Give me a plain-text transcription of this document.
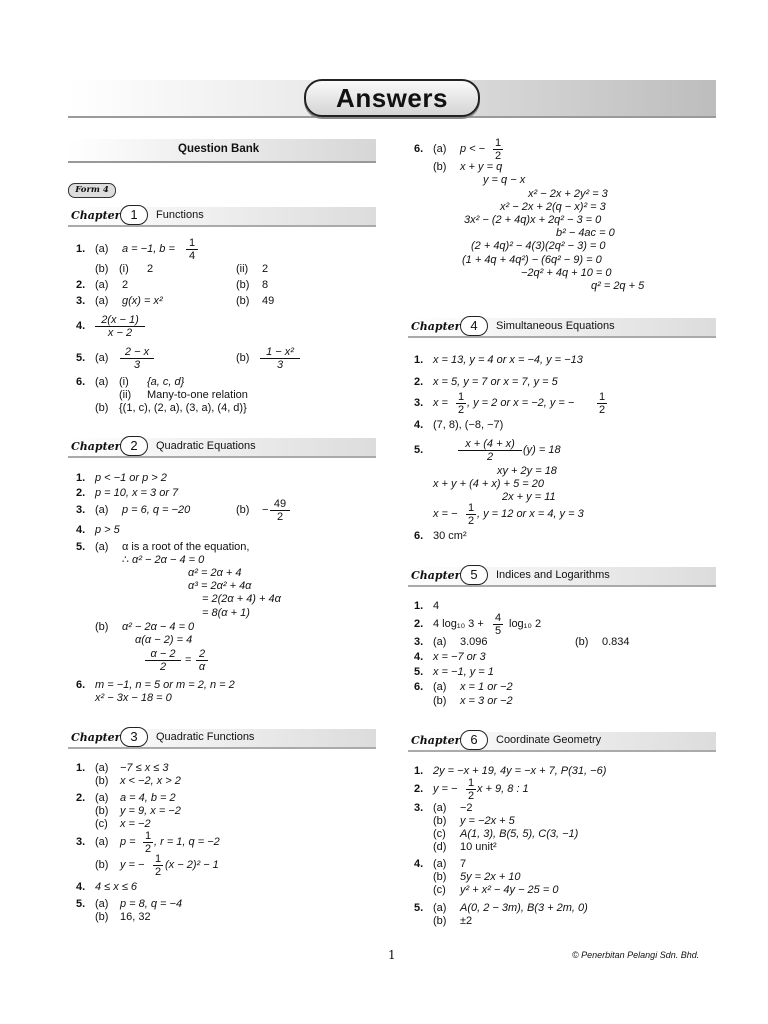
Answers
Question Bank
Form 4
Chapter 1	Functions
1. (a) a = −1, $b = \frac{1}{4}$
(b) (i) 2	(ii) 2
2. (a) 2	(b) 8
3. (a) g(x) = x²	(b) 49
4. $\frac{2(x - 1)}{x - 2}$
5. $(a) \frac{2 - x}{3}$	$(b) \frac{\text{1 − x²}}{3}$
6. (a) (i) {a, c, d}
(ii) Many-to-one relation
(b) {(1, c), (2, a), (3, a), (4, d)}
Chapter 2	Quadratic Equations
1. p < −1 or p > 2
2. p = 10, x = 3 or 7
3. (a) p = 6, q = −20	$(b) - \frac{49}{2}$
4. p > 5
5. (a) α is a root of the equation,
∴ α² − 2α − 4 = 0
α² = 2α + 4
α³ = 2α² + 4α
= 2(2α + 4) + 4α
= 8(α + 1)
(b) α² − 2α − 4 = 0
α(α − 2) = 4
$\frac{\alpha - 2}{2} = \frac{2}{\alpha}$
6. m = −1, n = 5 or m = 2, n = 2
x² − 3x − 18 = 0
Chapter 3	Quadratic Functions
1. (a) −7 ≤ x ≤ 3
(b) x < −2, x > 2
2. (a) a = 4, b = 2
(b) y = 9, x = −2
(c) x = −2
3. (a) $p = \frac{1}{2}$ , r = 1, q = −2
(b) y = − $\frac{1}{2} (x - 2)^2 - 1$
4. 4 ≤ x ≤ 6
5. (a) p = 8, q = −4
(b) 16, 32
6. (a) p < − $\frac{1}{2}$
(b) x + y = q
y = q − x
x² − 2x + 2y² = 3
x² − 2x + 2(q − x)² = 3
3x² − (2 + 4q)x + 2q² − 3 = 0
b² − 4ac = 0
(2 + 4q)² − 4(3)(2q² − 3) = 0
(1 + 4q + 4q²) − (6q² − 9) = 0
−2q² + 4q + 10 = 0
q² = 2q + 5
Chapter 4	Simultaneous Equations
1. x = 13, y = 4 or x = −4, y = −13
2. x = 5, y = 7 or x = 7, y = 5
3. $x = \frac{1}{2}$ , y = 2 or x = −2, y = − $\frac{1}{2}$
4. (7, 8), (−8, −7)
5.	$\frac{x + (4 + x)}{2} (y) = 18$
xy + 2y = 18
x + y + (4 + x) + 5 = 20
2x + y = 11
x = − $\frac{1}{2}$ , y = 12 or x = 4, y = 3
6. 30 cm²
Chapter 5	Indices and Logarithms
1. 4
2. 4 log₁₀ $3 + \frac{4}{5} \log_{10}$ 2
3. (a) 3.096	(b) 0.834
4. x = −7 or 3
5. x = −1, y = 1
6. (a) x = 1 or −2
(b) x = 3 or −2
Chapter 6	Coordinate Geometry
1. 2y = −x + 19, 4y = −x + 7, P(31, −6)
2. y = − $\frac{1}{2}$ x + 9, 8 : 1
3. (a) −2
(b) y = −2x + 5
(c) A(1, 3), B(5, 5), C(3, −1)
(d) 10 unit²
4. (a) 7
(b) 5y = 2x + 10
(c) y² + x² − 4y − 25 = 0
5. (a) A(0, 2 − 3m), B(3 + 2m, 0)
(b) ±2
1	© Penerbitan Pelangi Sdn. Bhd.
